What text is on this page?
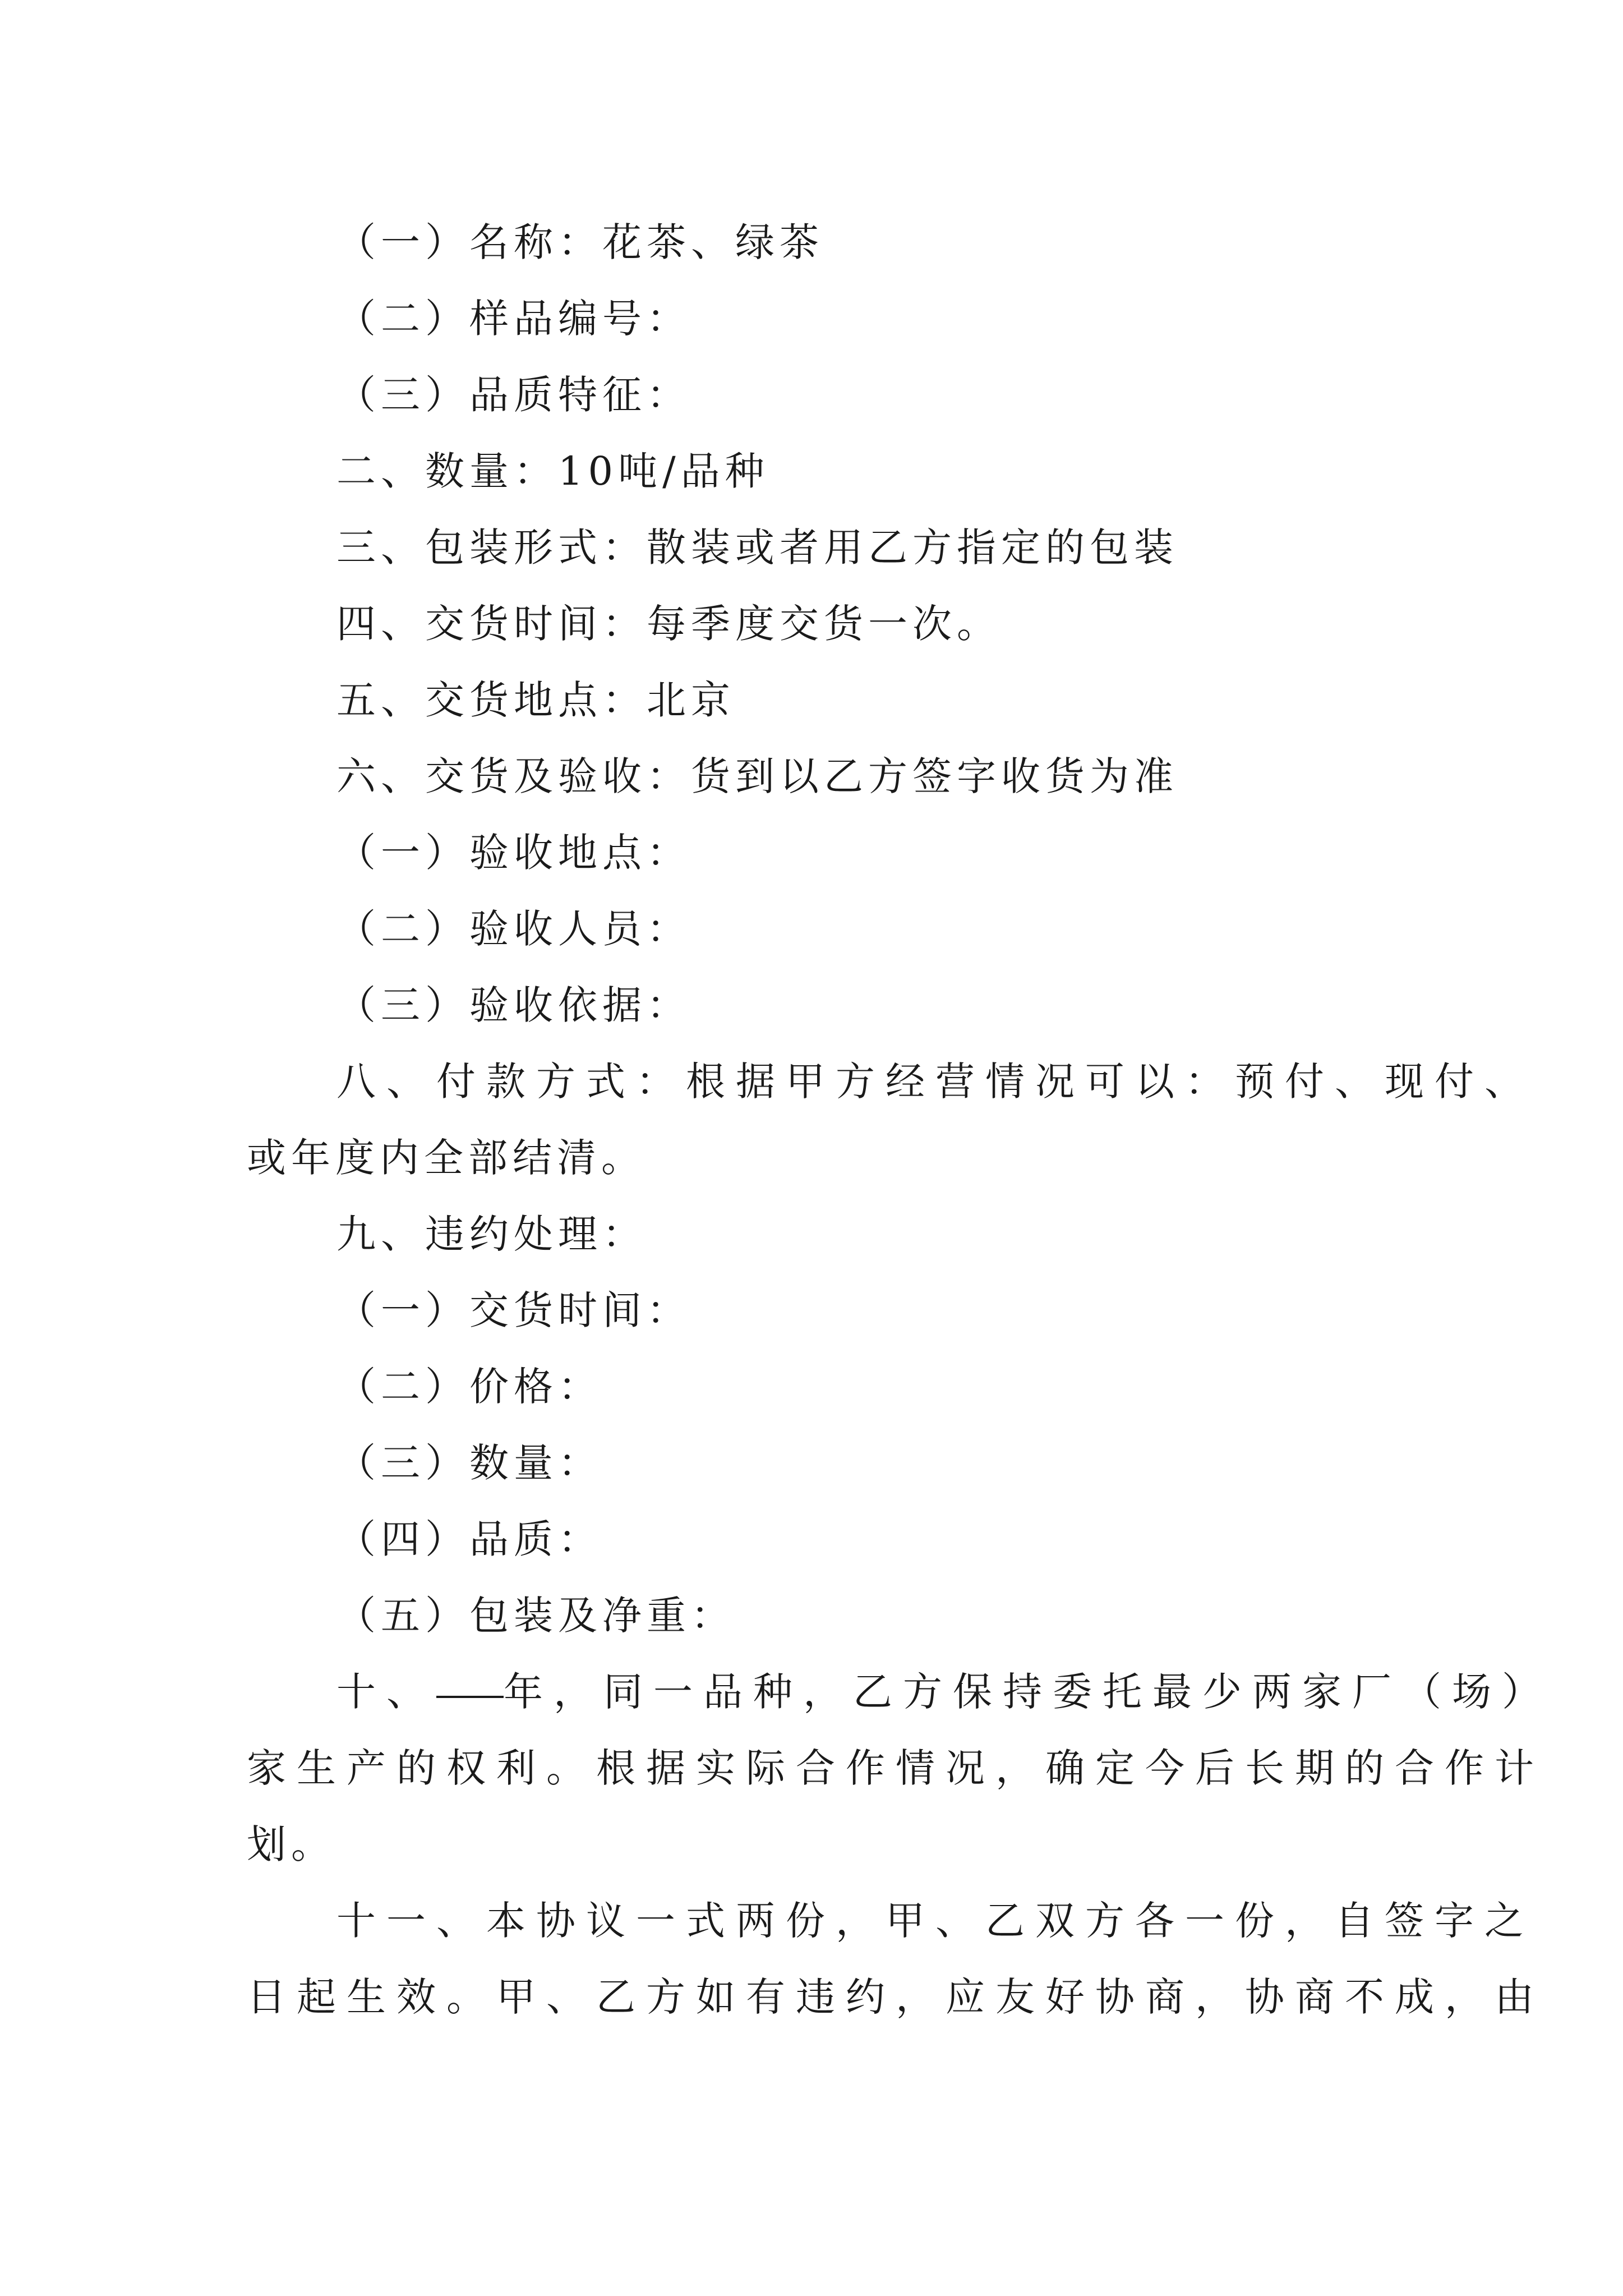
（一）名称：花茶、绿茶
（二）样品编号：
（三）品质特征：
二、数量：10吨/品种
三、包装形式：散装或者用乙方指定的包装
四、交货时间：每季度交货一次。
五、交货地点：北京
六、交货及验收：货到以乙方签字收货为准
（一）验收地点：
（二）验收人员：
（三）验收依据：
八、付款方式：根据甲方经营情况可以：预付、现付、
或年度内全部结清。
九、违约处理：
（一）交货时间：
（二）价格：
（三）数量：
（四）品质：
（五）包装及净重：
十、 年，同一品种，乙方保持委托最少两家厂（场）
家生产的权利。根据实际合作情况，确定今后长期的合作计
划。
十一、本协议一式两份，甲、乙双方各一份，自签字之
日起生效。甲、乙方如有违约，应友好协商，协商不成，由
